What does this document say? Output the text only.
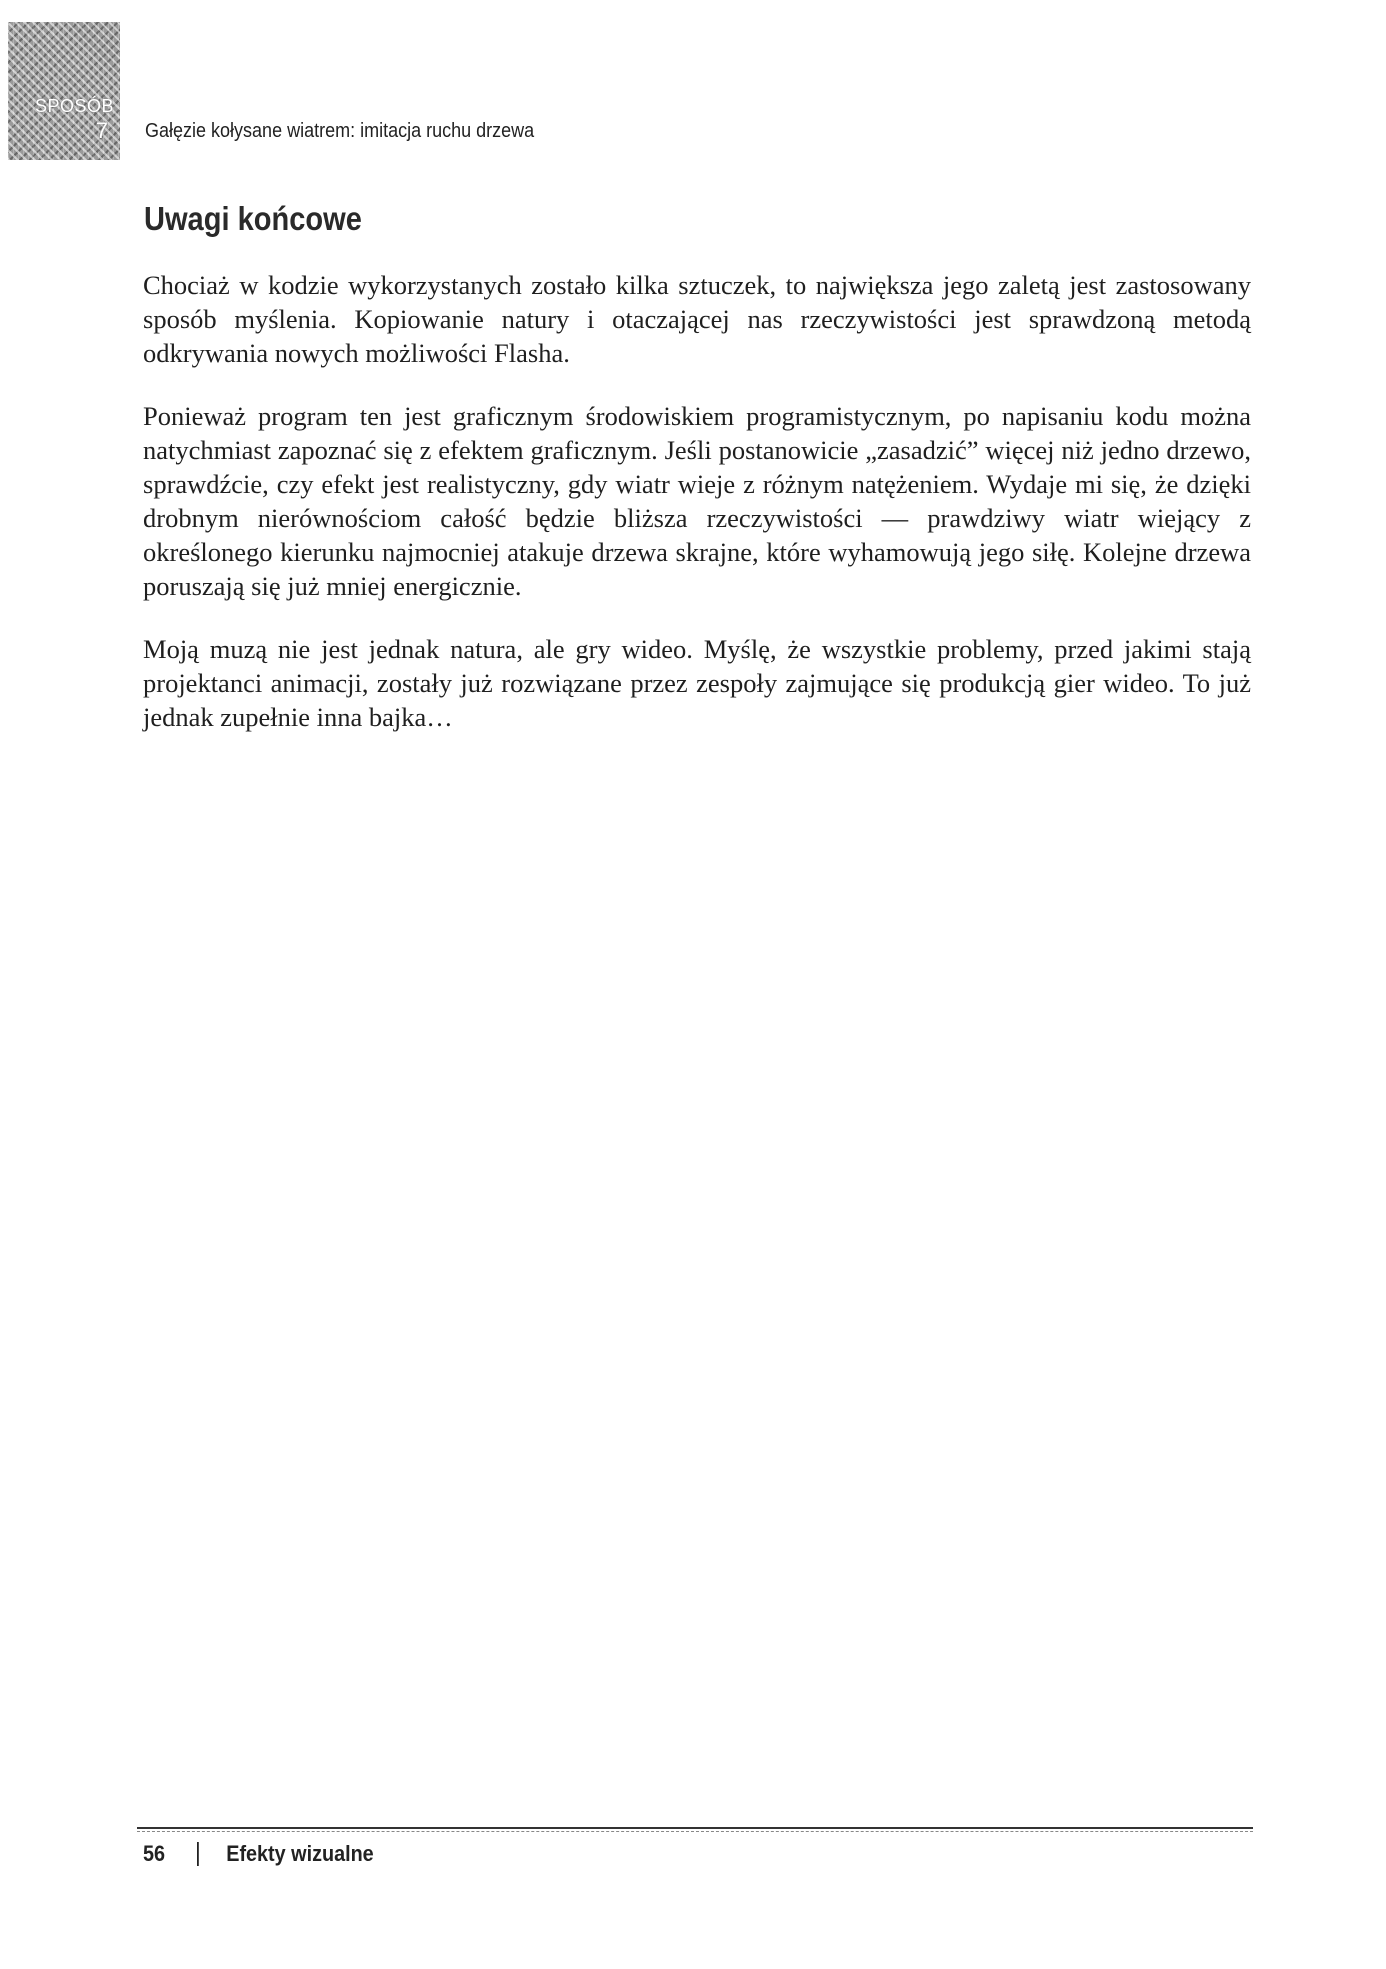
SPOSÓB
7 Gałęzie kołysane wiatrem: imitacja ruchu drzewa
Uwagi końcowe

Chociaż w kodzie wykorzystanych zostało kilka sztuczek, to największa jego zaletą jest zastosowany sposób myślenia. Kopiowanie natury i otaczającej nas rzeczywistości jest sprawdzoną metodą odkrywania nowych możliwości Flasha.

Ponieważ program ten jest graficznym środowiskiem programistycznym, po napisaniu kodu można natychmiast zapoznać się z efektem graficznym. Jeśli postanowicie „zasadzić” więcej niż jedno drzewo, sprawdźcie, czy efekt jest realistyczny, gdy wiatr wieje z różnym natężeniem. Wydaje mi się, że dzięki drobnym nierównościom całość będzie bliższa rzeczywistości — prawdziwy wiatr wiejący z określonego kierunku najmocniej atakuje drzewa skrajne, które wyhamowują jego siłę. Kolejne drzewa poruszają się już mniej energicznie.

Moją muzą nie jest jednak natura, ale gry wideo. Myślę, że wszystkie problemy, przed jakimi stają projektanci animacji, zostały już rozwiązane przez zespoły zajmujące się produkcją gier wideo. To już jednak zupełnie inna bajka…

56	Efekty wizualne
